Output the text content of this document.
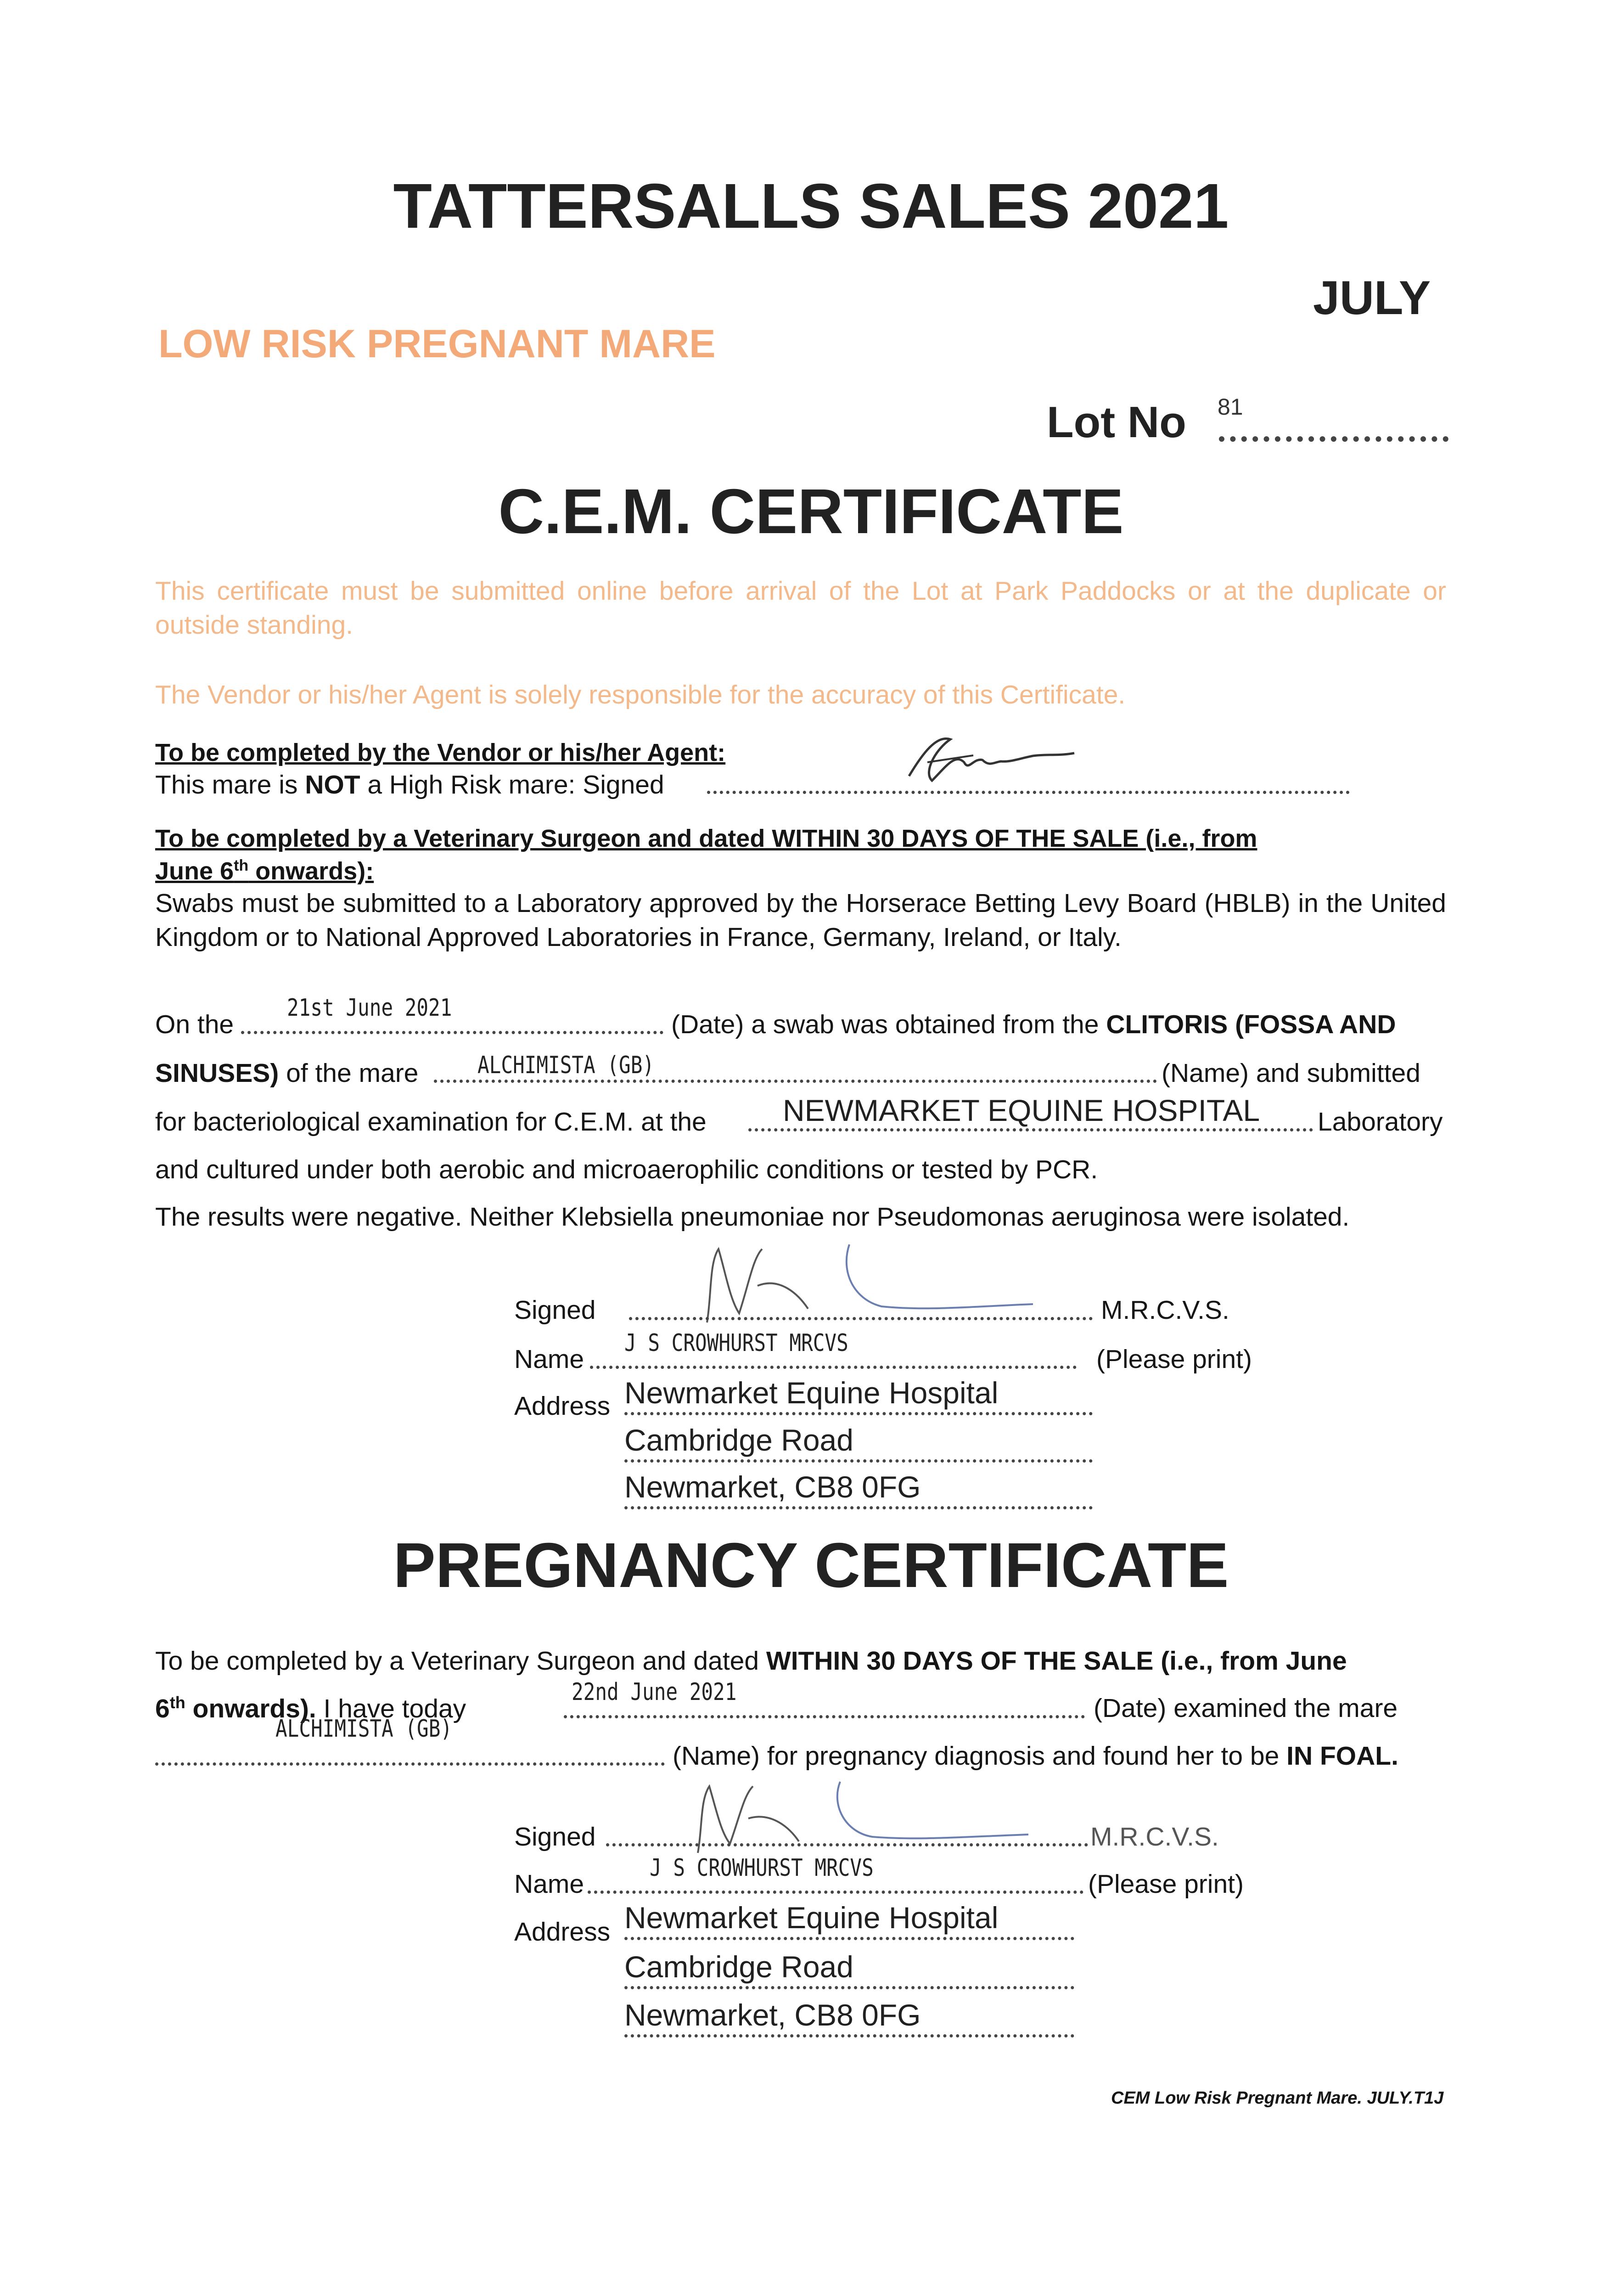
TATTERSALLS SALES 2021
JULY
LOW RISK PREGNANT MARE
Lot No 81
C.E.M. CERTIFICATE
This certificate must be submitted online before arrival of the Lot at Park Paddocks or at the duplicate or outside standing.
The Vendor or his/her Agent is solely responsible for the accuracy of this Certificate.
To be completed by the Vendor or his/her Agent:
This mare is NOT a High Risk mare: Signed
To be completed by a Veterinary Surgeon and dated WITHIN 30 DAYS OF THE SALE (i.e., from
June 6th onwards):
Swabs must be submitted to a Laboratory approved by the Horserace Betting Levy Board (HBLB) in the United Kingdom or to National Approved Laboratories in France, Germany, Ireland, or Italy.
On the
21st June 2021
(Date) a swab was obtained from the CLITORIS (FOSSA AND
SINUSES) of the mare ALCHIMISTA (GB)	(Name) and submitted
for bacteriological examination for C.E.M. at the	NEWMARKET EQUINE HOSPITAL Laboratory
and cultured under both aerobic and microaerophilic conditions or tested by PCR.
The results were negative. Neither Klebsiella pneumoniae nor Pseudomonas aeruginosa were isolated.
Signed	M.R.C.V.S.
Name
J S CROWHURST MRCVS
(Please print)
Address Newmarket Equine Hospital
Cambridge Road
Newmarket, CB8 0FG
PREGNANCY CERTIFICATE
To be completed by a Veterinary Surgeon and dated WITHIN 30 DAYS OF THE SALE (i.e., from June
6th onwards). I have today
22nd June 2021
(Date) examined the mare
ALCHIMISTA (GB)
(Name) for pregnancy diagnosis and found her to be IN FOAL.
Signed	M.R.C.V.S.
Name
J S CROWHURST MRCVS
(Please print)
Address Newmarket Equine Hospital
Cambridge Road
Newmarket, CB8 0FG
CEM Low Risk Pregnant Mare. JULY.T1J
